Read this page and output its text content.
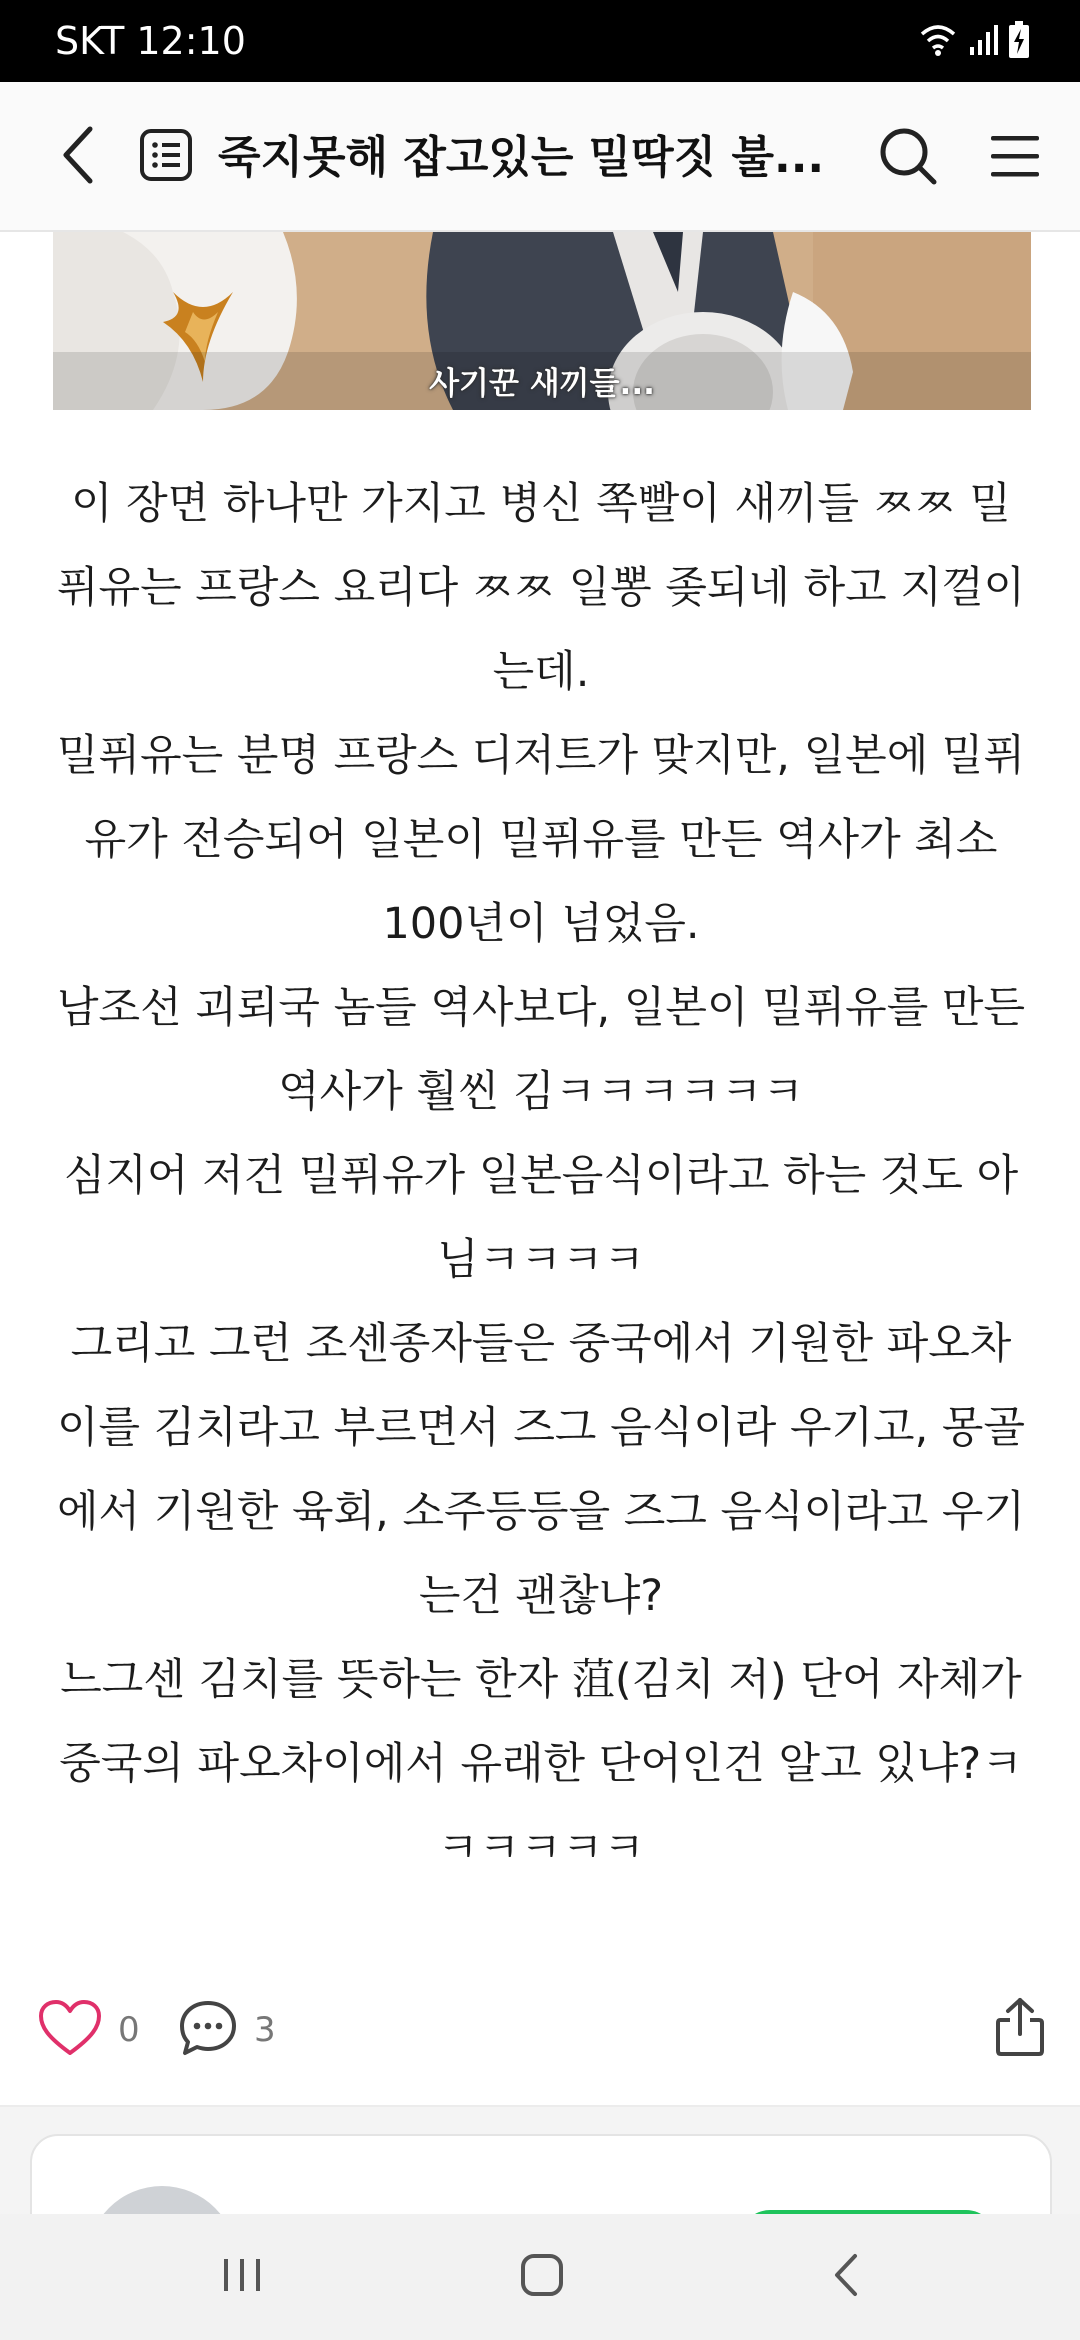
SKT 12:10
죽지못해 잡고있는 밀딱짓 불...
사기꾼 새끼들...

이 장면 하나만 가지고 병신 쪽빨이 새끼들 ㅉㅉ 밀퓌유는 프랑스 요리다 ㅉㅉ 일뽕 좆되네 하고 지껄이는데.

밀퓌유는 분명 프랑스 디저트가 맞지만, 일본에 밀퓌유가 전승되어 일본이 밀퓌유를 만든 역사가 최소 100년이 넘었음.

남조선 괴뢰국 놈들 역사보다, 일본이 밀퓌유를 만든 역사가 훨씬 김ㅋㅋㅋㅋㅋㅋ

심지어 저건 밀퓌유가 일본음식이라고 하는 것도 아님ㅋㅋㅋㅋ

그리고 그런 조센종자들은 중국에서 기원한 파오차이를 김치라고 부르면서 즈그 음식이라 우기고, 몽골에서 기원한 육회, 소주등등을 즈그 음식이라고 우기는건 괜찮냐?

느그센 김치를 뜻하는 한자 菹(김치 저) 단어 자체가 중국의 파오차이에서 유래한 단어인건 알고 있냐?ㅋㅋㅋㅋㅋㅋ

0	3
